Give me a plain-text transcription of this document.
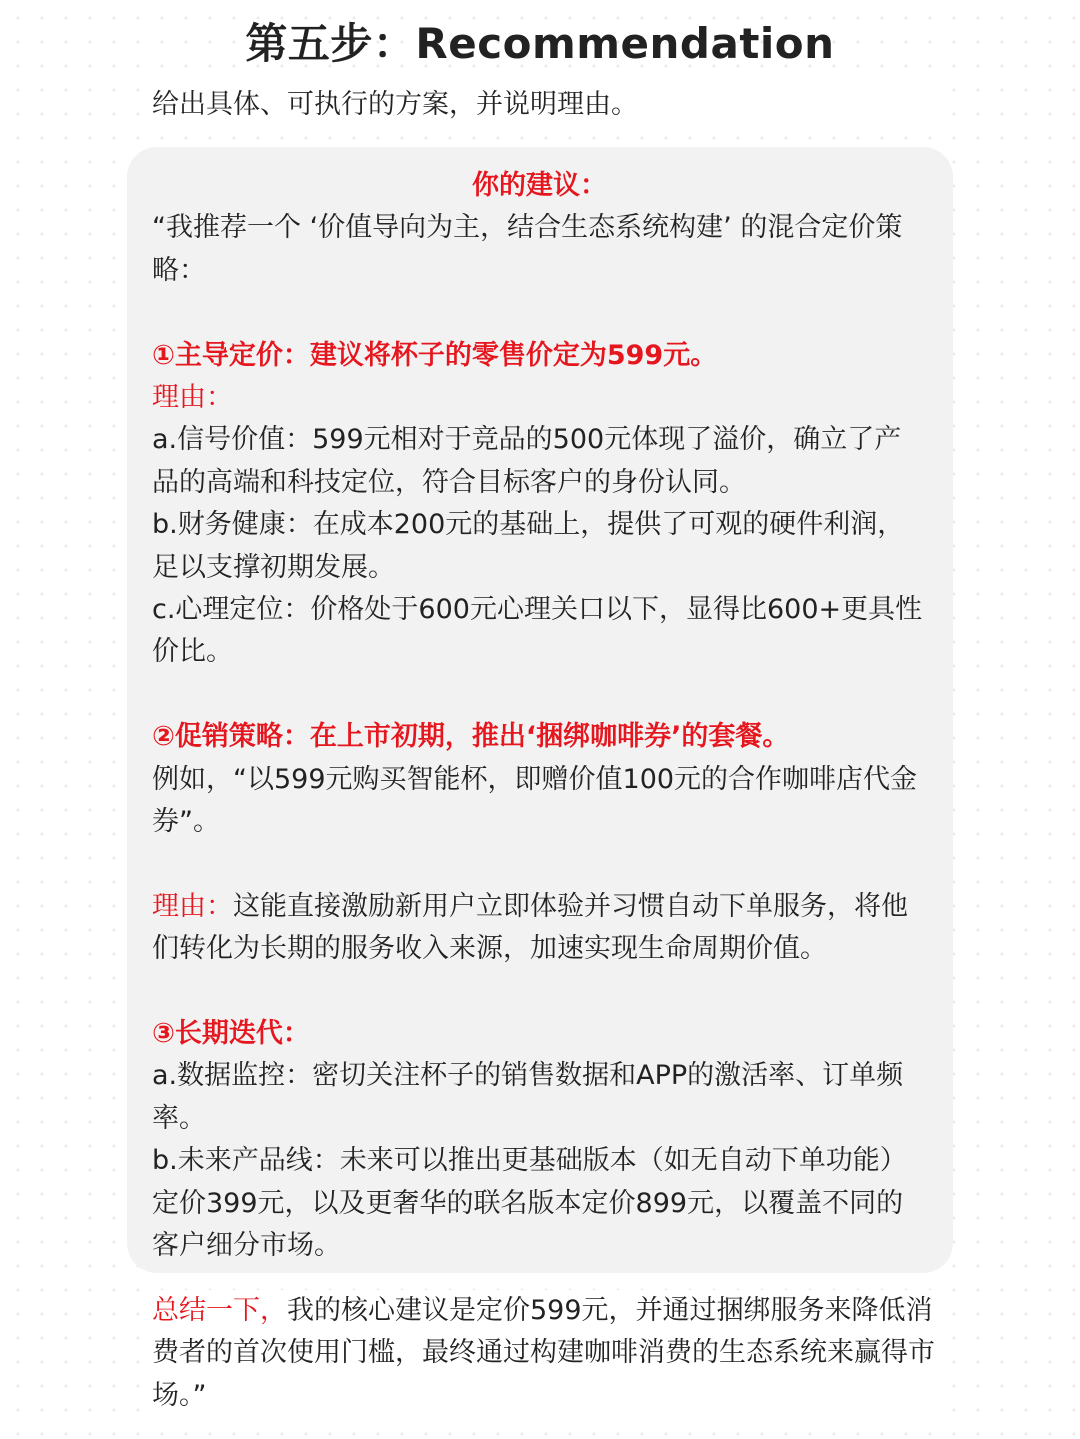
第五步：Recommendation
给出具体、可执行的方案，并说明理由。

你的建议：

“我推荐一个 ‘价值导向为主，结合生态系统构建’ 的混合定价策略：

①主导定价：建议将杯子的零售价定为599元。

理由：

a.信号价值：599元相对于竞品的500元体现了溢价，确立了产品的高端和科技定位，符合目标客户的身份认同。

b.财务健康：在成本200元的基础上，提供了可观的硬件利润，足以支撑初期发展。

c.心理定位：价格处于600元心理关口以下，显得比600+更具性价比。

②促销策略：在上市初期，推出‘捆绑咖啡券’的套餐。

例如，“以599元购买智能杯，即赠价值100元的合作咖啡店代金券”。

理由：这能直接激励新用户立即体验并习惯自动下单服务，将他们转化为长期的服务收入来源，加速实现生命周期价值。

③长期迭代：

a.数据监控：密切关注杯子的销售数据和APP的激活率、订单频率。

b.未来产品线：未来可以推出更基础版本（如无自动下单功能）定价399元，以及更奢华的联名版本定价899元，以覆盖不同的客户细分市场。

总结一下，我的核心建议是定价599元，并通过捆绑服务来降低消费者的首次使用门槛，最终通过构建咖啡消费的生态系统来赢得市场。”
